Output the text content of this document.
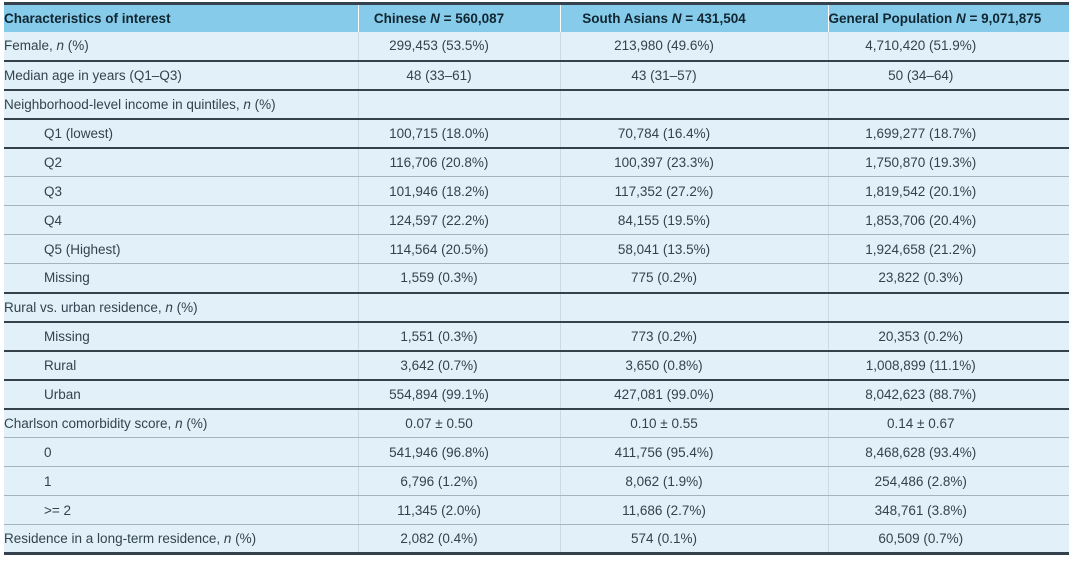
Characteristics of interest	Chinese N = 560,087	South Asians N = 431,504	General Population N = 9,071,875
Female, n (%)	299,453 (53.5%)	213,980 (49.6%)	4,710,420 (51.9%)
Median age in years (Q1–Q3)	48 (33–61)	43 (31–57)	50 (34–64)
Neighborhood-level income in quintiles, n (%)			
Q1 (lowest)	100,715 (18.0%)	70,784 (16.4%)	1,699,277 (18.7%)
Q2	116,706 (20.8%)	100,397 (23.3%)	1,750,870 (19.3%)
Q3	101,946 (18.2%)	117,352 (27.2%)	1,819,542 (20.1%)
Q4	124,597 (22.2%)	84,155 (19.5%)	1,853,706 (20.4%)
Q5 (Highest)	114,564 (20.5%)	58,041 (13.5%)	1,924,658 (21.2%)
Missing	1,559 (0.3%)	775 (0.2%)	23,822 (0.3%)
Rural vs. urban residence, n (%)			
Missing	1,551 (0.3%)	773 (0.2%)	20,353 (0.2%)
Rural	3,642 (0.7%)	3,650 (0.8%)	1,008,899 (11.1%)
Urban	554,894 (99.1%)	427,081 (99.0%)	8,042,623 (88.7%)
Charlson comorbidity score, n (%)	0.07 ± 0.50	0.10 ± 0.55	0.14 ± 0.67
0	541,946 (96.8%)	411,756 (95.4%)	8,468,628 (93.4%)
1	6,796 (1.2%)	8,062 (1.9%)	254,486 (2.8%)
>= 2	11,345 (2.0%)	11,686 (2.7%)	348,761 (3.8%)
Residence in a long-term residence, n (%)	2,082 (0.4%)	574 (0.1%)	60,509 (0.7%)
